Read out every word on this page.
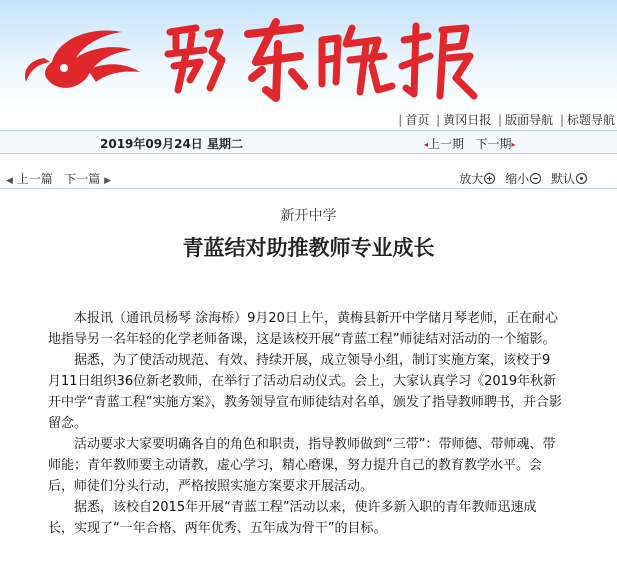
| 首页 | 黄冈日报 | 版面导航 | 标题导航
2019年09月24日 星期二	◂上一期 下一期▸
◀ 上一篇 下一篇 ▶	放大 缩小 默认
新开中学
青蓝结对助推教师专业成长

本报讯（通讯员杨琴 涂海桥）9月20日上午，黄梅县新开中学储月琴老师，正在耐心地指导另一名年轻的化学老师备课，这是该校开展“青蓝工程”师徒结对活动的一个缩影。

据悉，为了使活动规范、有效、持续开展，成立领导小组，制订实施方案，该校于9月11日组织36位新老教师，在举行了活动启动仪式。会上，大家认真学习《2019年秋新开中学“青蓝工程”实施方案》，教务领导宣布师徒结对名单，颁发了指导教师聘书，并合影留念。

活动要求大家要明确各自的角色和职责，指导教师做到“三带”：带师德、带师魂、带师能；青年教师要主动请教，虚心学习，精心磨课，努力提升自己的教育教学水平。会后，师徒们分头行动，严格按照实施方案要求开展活动。

据悉，该校自2015年开展“青蓝工程”活动以来，使许多新入职的青年教师迅速成长，实现了“一年合格、两年优秀、五年成为骨干”的目标。
